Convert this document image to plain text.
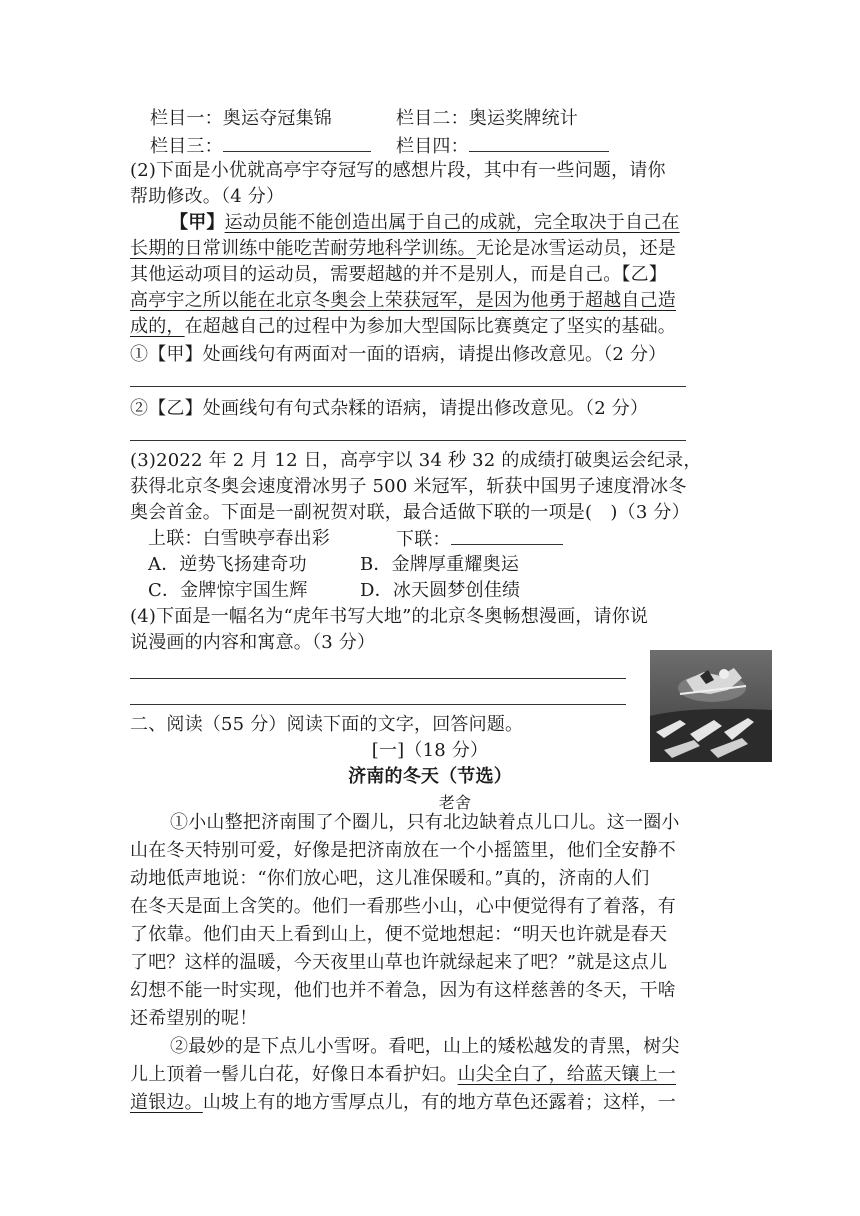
栏目一：奥运夺冠集锦	栏目二：奥运奖牌统计
栏目三：	栏目四：
(2)下面是小优就高亭宇夺冠写的感想片段，其中有一些问题，请你
帮助修改。（4 分）
【甲】运动员能不能创造出属于自己的成就，完全取决于自己在
长期的日常训练中能吃苦耐劳地科学训练。无论是冰雪运动员，还是
其他运动项目的运动员，需要超越的并不是别人，而是自己。【乙】
高亭宇之所以能在北京冬奥会上荣获冠军，是因为他勇于超越自己造
成的，在超越自己的过程中为参加大型国际比赛奠定了坚实的基础。
①【甲】处画线句有两面对一面的语病，请提出修改意见。（2 分）
②【乙】处画线句有句式杂糅的语病，请提出修改意见。（2 分）
(3)2022 年 2 月 12 日，高亭宇以 34 秒 32 的成绩打破奥运会纪录，
获得北京冬奥会速度滑冰男子 500 米冠军，斩获中国男子速度滑冰冬
奥会首金。下面是一副祝贺对联，最合适做下联的一项是(　)（3 分）
上联：白雪映亭春出彩	下联：
A．逆势飞扬建奇功	B．金牌厚重耀奥运
C．金牌惊宇国生辉	D．冰天圆梦创佳绩
(4)下面是一幅名为“虎年书写大地”的北京冬奥畅想漫画，请你说
说漫画的内容和寓意。（3 分）
二、阅读（55 分）阅读下面的文字，回答问题。
[一]（18 分）
济南的冬天（节选）
老舍
①小山整把济南围了个圈儿，只有北边缺着点儿口儿。这一圈小
山在冬天特别可爱，好像是把济南放在一个小摇篮里，他们全安静不
动地低声地说：“你们放心吧，这儿准保暖和。”真的，济南的人们
在冬天是面上含笑的。他们一看那些小山，心中便觉得有了着落，有
了依靠。他们由天上看到山上，便不觉地想起：“明天也许就是春天
了吧？这样的温暖，今天夜里山草也许就绿起来了吧？”就是这点儿
幻想不能一时实现，他们也并不着急，因为有这样慈善的冬天，干啥
还希望别的呢！
②最妙的是下点儿小雪呀。看吧，山上的矮松越发的青黑，树尖
儿上顶着一髻儿白花，好像日本看护妇。山尖全白了，给蓝天镶上一
道银边。山坡上有的地方雪厚点儿，有的地方草色还露着；这样，一
